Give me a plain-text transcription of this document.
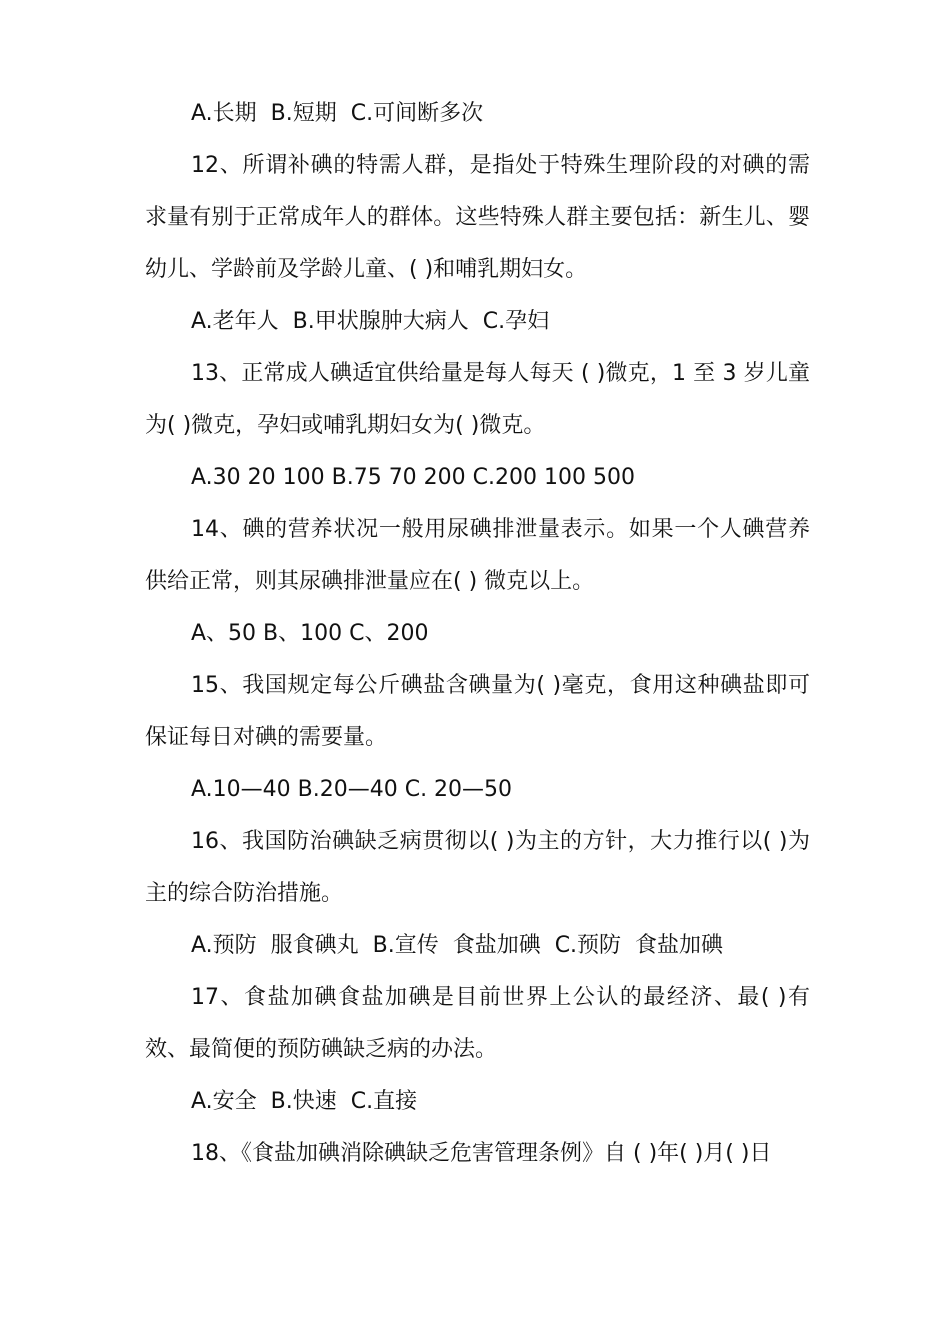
A.长期  B.短期  C.可间断多次
12、所谓补碘的特需人群，是指处于特殊生理阶段的对碘的需求量有别于正常成年人的群体。这些特殊人群主要包括：新生儿、婴幼儿、学龄前及学龄儿童、( )和哺乳期妇女。
A.老年人  B.甲状腺肿大病人  C.孕妇
13、正常成人碘适宜供给量是每人每天 ( )微克，1 至 3 岁儿童为( )微克，孕妇或哺乳期妇女为( )微克。
A.30 20 100 B.75 70 200 C.200 100 500
14、碘的营养状况一般用尿碘排泄量表示。如果一个人碘营养供给正常，则其尿碘排泄量应在( ) 微克以上。
A、50 B、100 C、200
15、我国规定每公斤碘盐含碘量为( )毫克，食用这种碘盐即可保证每日对碘的需要量。
A.10—40 B.20—40 C. 20—50
16、我国防治碘缺乏病贯彻以( )为主的方针，大力推行以( )为主的综合防治措施。
A.预防  服食碘丸  B.宣传  食盐加碘  C.预防  食盐加碘
17、食盐加碘食盐加碘是目前世界上公认的最经济、最( )有效、最简便的预防碘缺乏病的办法。
A.安全  B.快速  C.直接
18、《食盐加碘消除碘缺乏危害管理条例》自 ( )年( )月( )日
